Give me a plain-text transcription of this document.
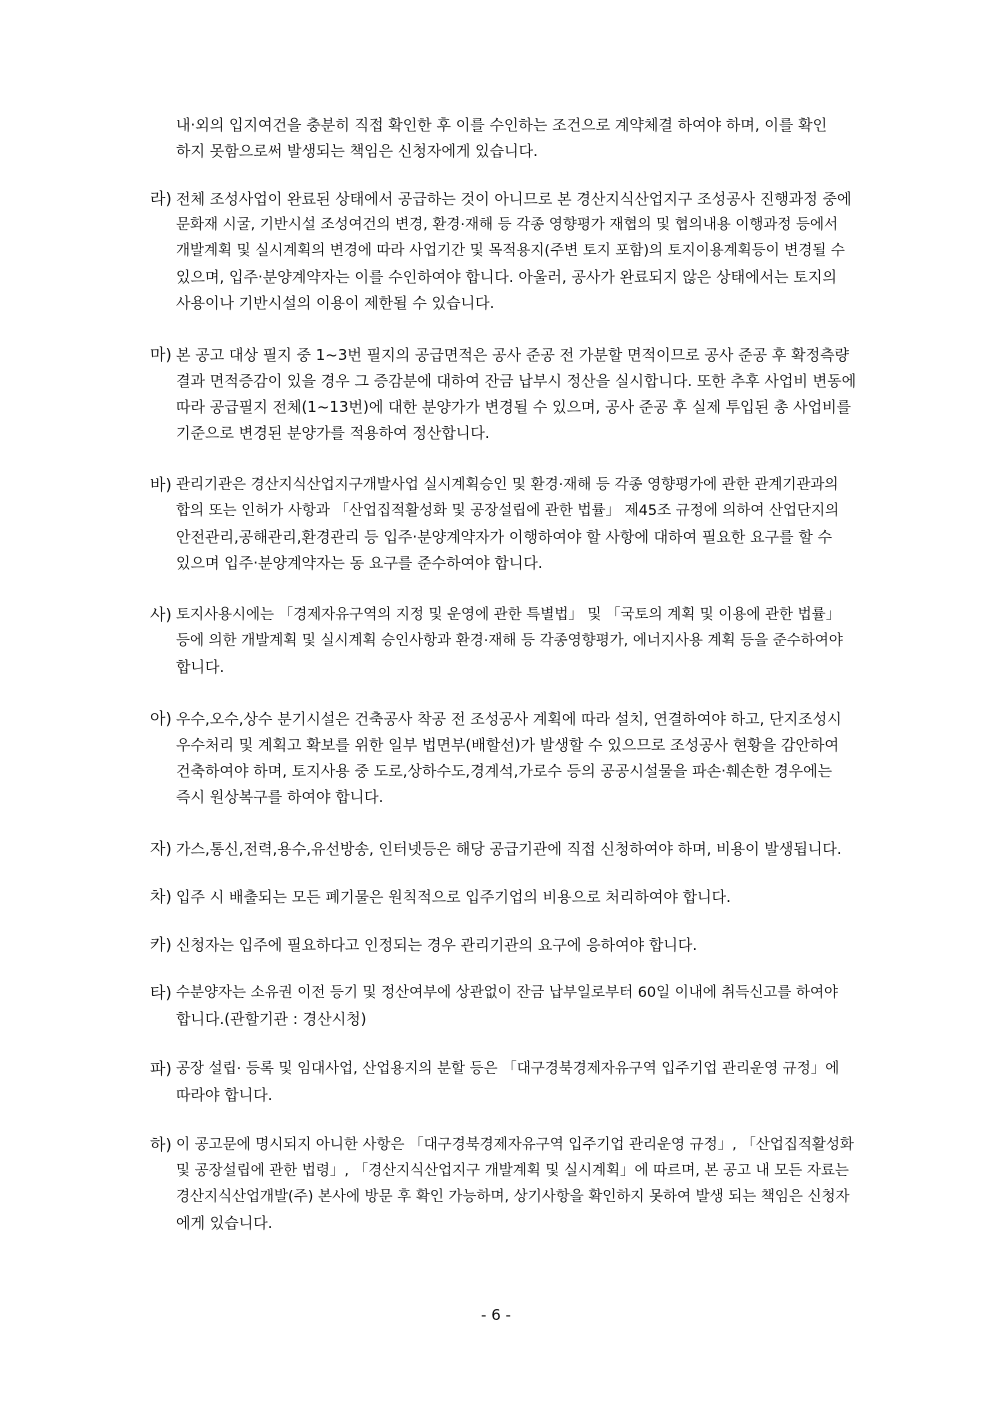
내·외의 입지여건을 충분히 직접 확인한 후 이를 수인하는 조건으로 계약체결 하여야 하며, 이를 확인
하지 못함으로써 발생되는 책임은 신청자에게 있습니다.
라) 전체 조성사업이 완료된 상태에서 공급하는 것이 아니므로 본 경산지식산업지구 조성공사 진행과정 중에
문화재 시굴, 기반시설 조성여건의 변경, 환경·재해 등 각종 영향평가 재협의 및 협의내용 이행과정 등에서
개발계획 및 실시계획의 변경에 따라 사업기간 및 목적용지(주변 토지 포함)의 토지이용계획등이 변경될 수
있으며, 입주·분양계약자는 이를 수인하여야 합니다. 아울러, 공사가 완료되지 않은 상태에서는 토지의
사용이나 기반시설의 이용이 제한될 수 있습니다.
마) 본 공고 대상 필지 중 1~3번 필지의 공급면적은 공사 준공 전 가분할 면적이므로 공사 준공 후 확정측량
결과 면적증감이 있을 경우 그 증감분에 대하여 잔금 납부시 정산을 실시합니다. 또한 추후 사업비 변동에
따라 공급필지 전체(1~13번)에 대한 분양가가 변경될 수 있으며, 공사 준공 후 실제 투입된 총 사업비를
기준으로 변경된 분양가를 적용하여 정산합니다.
바) 관리기관은 경산지식산업지구개발사업 실시계획승인 및 환경·재해 등 각종 영향평가에 관한 관계기관과의
합의 또는 인허가 사항과 「산업집적활성화 및 공장설립에 관한 법률」 제45조 규정에 의하여 산업단지의
안전관리,공해관리,환경관리 등 입주·분양계약자가 이행하여야 할 사항에 대하여 필요한 요구를 할 수
있으며 입주·분양계약자는 동 요구를 준수하여야 합니다.
사) 토지사용시에는 「경제자유구역의 지정 및 운영에 관한 특별법」 및 「국토의 계획 및 이용에 관한 법률」
등에 의한 개발계획 및 실시계획 승인사항과 환경·재해 등 각종영향평가, 에너지사용 계획 등을 준수하여야
합니다.
아) 우수,오수,상수 분기시설은 건축공사 착공 전 조성공사 계획에 따라 설치, 연결하여야 하고, 단지조성시
우수처리 및 계획고 확보를 위한 일부 법면부(배할선)가 발생할 수 있으므로 조성공사 현황을 감안하여
건축하여야 하며, 토지사용 중 도로,상하수도,경계석,가로수 등의 공공시설물을 파손·훼손한 경우에는
즉시 원상복구를 하여야 합니다.
자) 가스,통신,전력,용수,유선방송, 인터넷등은 해당 공급기관에 직접 신청하여야 하며, 비용이 발생됩니다.
차) 입주 시 배출되는 모든 폐기물은 원칙적으로 입주기업의 비용으로 처리하여야 합니다.
카) 신청자는 입주에 필요하다고 인정되는 경우 관리기관의 요구에 응하여야 합니다.
타) 수분양자는 소유권 이전 등기 및 정산여부에 상관없이 잔금 납부일로부터 60일 이내에 취득신고를 하여야
합니다.(관할기관 : 경산시청)
파) 공장 설립· 등록 및 임대사업, 산업용지의 분할 등은 「대구경북경제자유구역 입주기업 관리운영 규정」에
따라야 합니다.
하) 이 공고문에 명시되지 아니한 사항은 「대구경북경제자유구역 입주기업 관리운영 규정」, 「산업집적활성화
및 공장설립에 관한 법령」, 「경산지식산업지구 개발계획 및 실시계획」에 따르며, 본 공고 내 모든 자료는
경산지식산업개발(주) 본사에 방문 후 확인 가능하며, 상기사항을 확인하지 못하여 발생 되는 책임은 신청자
에게 있습니다.
- 6 -
